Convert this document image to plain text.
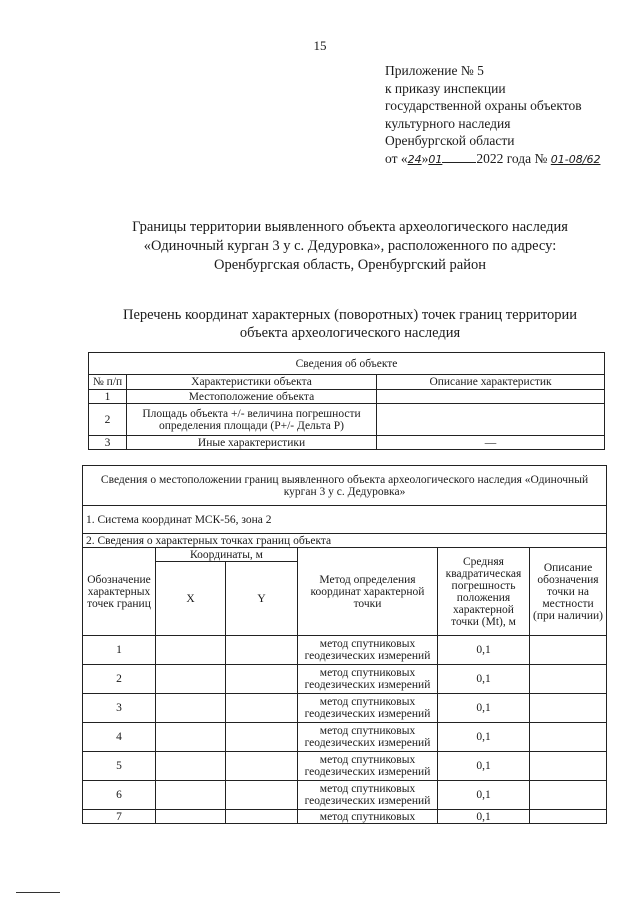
15
Приложение № 5
к приказу инспекции
государственной охраны объектов
культурного наследия
Оренбургской области
от «24»01	2022 года № 01-08/62
Границы территории выявленного объекта археологического наследия
«Одиночный курган 3 у с. Дедуровка», расположенного по адресу:
Оренбургская область, Оренбургский район
Перечень координат характерных (поворотных) точек границ территории
объекта археологического наследия
Сведения об объекте		
№ п/п	Характеристики объекта	Описание характеристик
1	Местоположение объекта	
2	Площадь объекта +/- величина погрешности определения площади (Р+/- Дельта Р)	
3	Иные характеристики	—
Сведения о местоположении границ выявленного объекта археологического наследия «Одиночный курган 3 у с. Дедуровка»					
1. Система координат МСК-56, зона 2					
2. Сведения о характерных точках границ объекта					
Обозначение характерных точек границ	Координаты, м		Метод определения координат характерной точки	Средняя квадратическая погрешность положения характерной точки (Mt), м	Описание обозначения точки на местности (при наличии)
	X	Y			
1			метод спутниковых геодезических измерений	0,1	
2			метод спутниковых геодезических измерений	0,1	
3			метод спутниковых геодезических измерений	0,1	
4			метод спутниковых геодезических измерений	0,1	
5			метод спутниковых геодезических измерений	0,1	
6			метод спутниковых геодезических измерений	0,1	
7			метод спутниковых	0,1	
